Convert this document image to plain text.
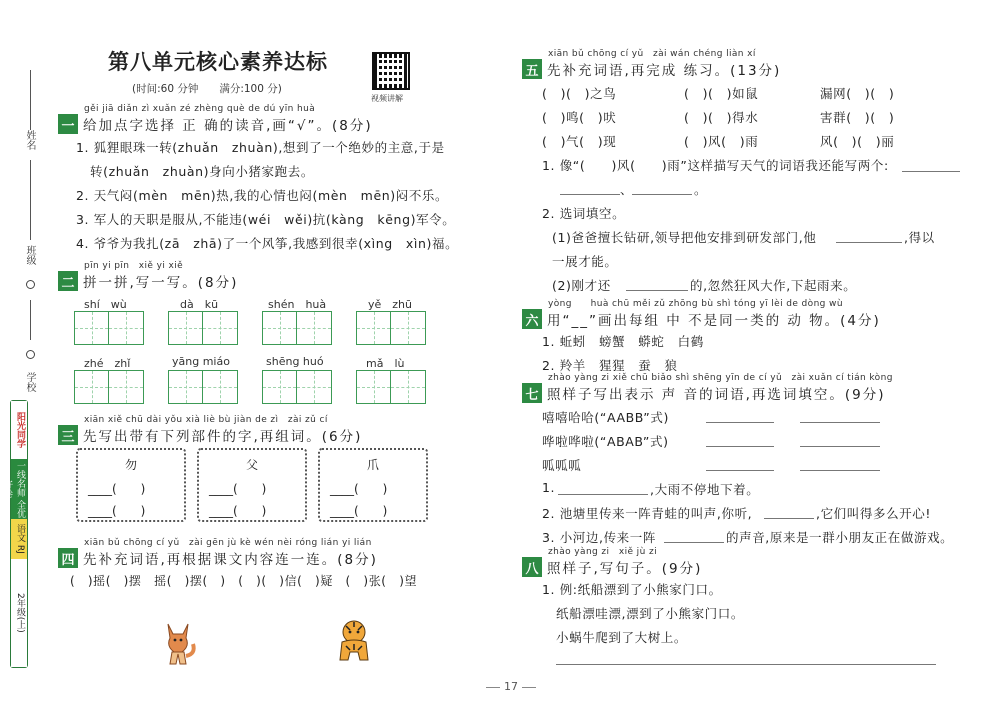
姓名
班级
学校
阳光同学
一线名师 全优好卷
语文 RJ
2年级(上)
第八单元核心素养达标
(时间:60 分钟　　满分:100 分)
视频讲解
gěi jiā diǎn zì xuǎn zé zhèng què de dú yīn huà
一 给加点字选择 正 确的读音,画“√”。(8分)
1. 狐狸眼珠一转(zhuǎn　zhuàn),想到了一个绝妙的主意,于是
转(zhuǎn　zhuàn)身向小猪家跑去。
2. 天气闷(mèn　mēn)热,我的心情也闷(mèn　mēn)闷不乐。
3. 军人的天职是服从,不能违(wéi　wěi)抗(kàng　kēng)军令。
4. 爷爷为我扎(zā　zhā)了一个风筝,我感到很幸(xìng　xìn)福。
pīn yi pīn　xiě yi xiě
二 拼一拼,写一写。(8分)
shí　wù	dà　kū	shén　huà	yě　zhū
zhé　zhǐ	yāng miáo	shēng huó	mǎ　lù
xiān xiě chū dài yǒu xià liè bù jiàn de zì　zài zǔ cí
三 先写出带有下列部件的字,再组词。(6分)
勿
____(　　)
____(　　)
父
____(　　)
____(　　)
爪
____(　　)
____(　　)
xiān bǔ chōng cí yǔ　zài gēn jù kè wén nèi róng lián yi lián
四 先补充词语,再根据课文内容连一连。(8分)
(　)摇(　)摆　摇(　)摆(　)　(　)(　)信(　)疑　(　)张(　)望
xiān bǔ chōng cí yǔ　zài wán chéng liàn xí
五 先补充词语,再完成 练习。(13分)
(　)(　)之鸟	(　)(　)如鼠	漏网(　)(　)
(　)鸣(　)吠	(　)(　)得水	害群(　)(　)
(　)气(　)现	(　)风(　)雨	风(　)(　)丽
1. 像“(　　)风(　　)雨”这样描写天气的词语我还能写两个:
、	。
2. 选词填空。
(1)爸爸擅长钻研,领导把他安排到研发部门,他	,得以
一展才能。
(2)刚才还	的,忽然狂风大作,下起雨来。
yòng　　huà chū měi zǔ zhōng bù shì tóng yī lèi de dòng wù
六 用“__”画出每组 中 不是同一类的 动 物。(4分)
1. 蚯蚓　螃蟹　蟒蛇　白鹤
2. 羚羊　猩猩　蚕　狼
zhào yàng zi xiě chū biǎo shì shēng yīn de cí yǔ　zài xuǎn cí tián kòng
七 照样子写出表示 声 音的词语,再选词填空。(9分)
嘻嘻哈哈(“AABB”式)
哗啦哗啦(“ABAB”式)
呱呱呱
1.	,大雨不停地下着。
2. 池塘里传来一阵青蛙的叫声,你听,	,它们叫得多么开心!
3. 小河边,传来一阵	的声音,原来是一群小朋友正在做游戏。
zhào yàng zi　xiě jù zi
八 照样子,写句子。(9分)
1. 例:纸船漂到了小熊家门口。
纸船漂哇漂,漂到了小熊家门口。
小蜗牛爬到了大树上。
17
